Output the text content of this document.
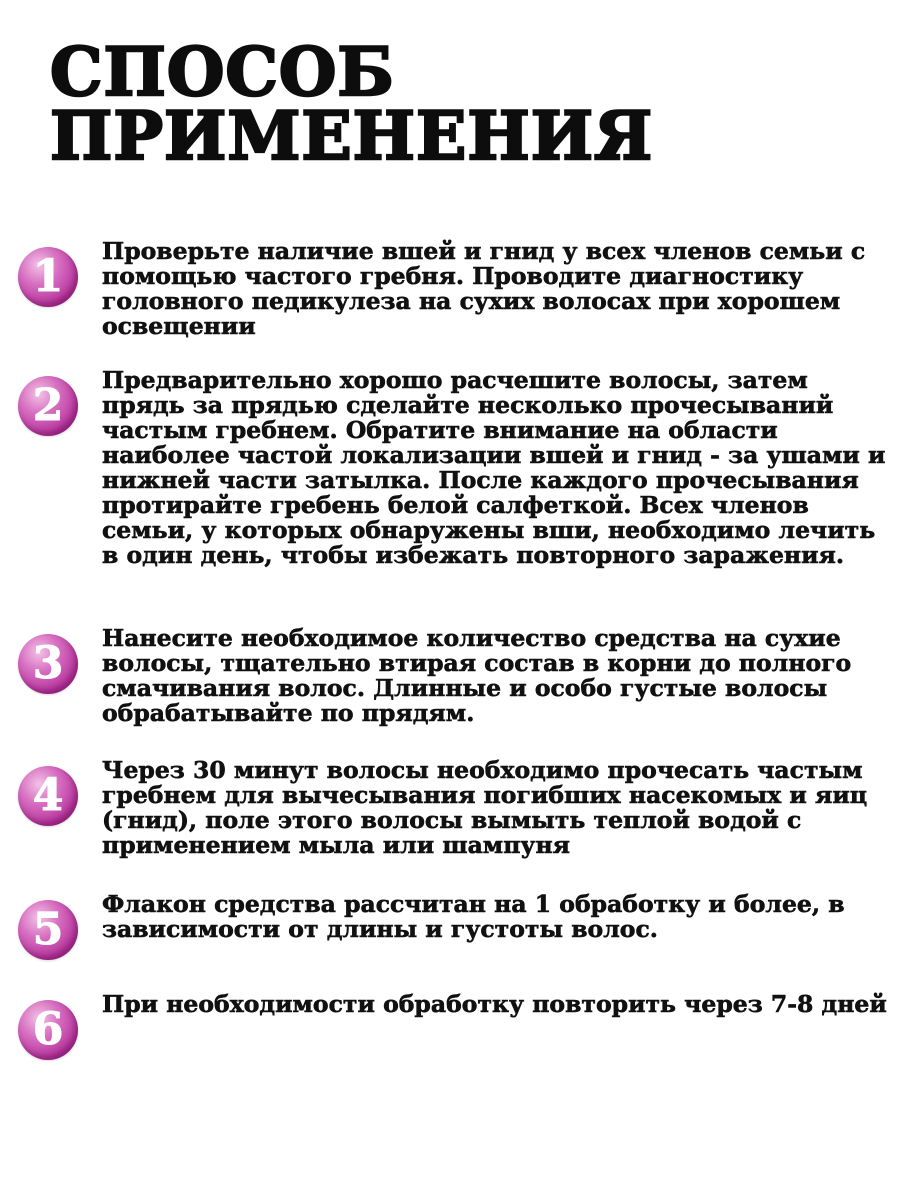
СПОСОБ
ПРИМЕНЕНИЯ
1	Проверьте наличие вшей и гнид у всех членов семьи с помощью частого гребня. Проводите диагностику головного педикулеза на сухих волосах при хорошем освещении

2	Предварительно хорошо расчешите волосы, затем прядь за прядью сделайте несколько прочесываний частым гребнем. Обратите внимание на области наиболее частой локализации вшей и гнид - за ушами и нижней части затылка. После каждого прочесывания протирайте гребень белой салфеткой. Всех членов семьи, у которых обнаружены вши, необходимо лечить в один день, чтобы избежать повторного заражения.

3	Нанесите необходимое количество средства на сухие волосы, тщательно втирая состав в корни до полного смачивания волос. Длинные и особо густые волосы обрабатывайте по прядям.

4	Через 30 минут волосы необходимо прочесать частым гребнем для вычесывания погибших насекомых и яиц (гнид), поле этого волосы вымыть теплой водой с применением мыла или шампуня

5	Флакон средства рассчитан на 1 обработку и более, в зависимости от длины и густоты волос.

6	При необходимости обработку повторить через 7-8 дней
